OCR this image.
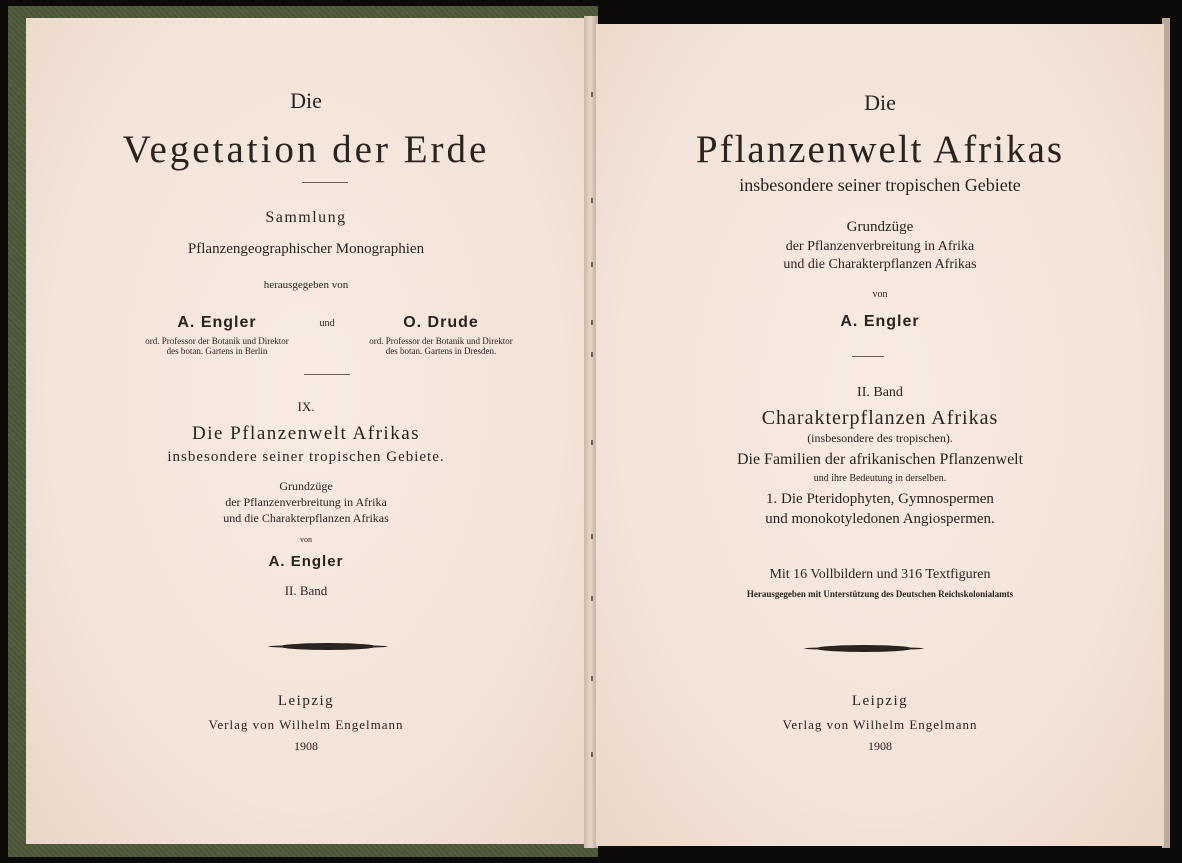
Die
Vegetation der Erde
Sammlung
Pflanzengeographischer Monographien
herausgegeben von
A. Engler
ord. Professor der Botanik und Direktor
des botan. Gartens in Berlin
und	O. Drude
ord. Professor der Botanik und Direktor
des botan. Gartens in Dresden.
IX.
Die Pflanzenwelt Afrikas
insbesondere seiner tropischen Gebiete.
Grundzüge
der Pflanzenverbreitung in Afrika
und die Charakterpflanzen Afrikas
von
A. Engler
II. Band
Leipzig
Verlag von Wilhelm Engelmann
1908
Die
Pflanzenwelt Afrikas
insbesondere seiner tropischen Gebiete
Grundzüge
der Pflanzenverbreitung in Afrika
und die Charakterpflanzen Afrikas
von
A. Engler
II. Band
Charakterpflanzen Afrikas
(insbesondere des tropischen).
Die Familien der afrikanischen Pflanzenwelt
und ihre Bedeutung in derselben.
1. Die Pteridophyten, Gymnospermen
und monokotyledonen Angiospermen.
Mit 16 Vollbildern und 316 Textfiguren
Herausgegeben mit Unterstützung des Deutschen Reichskolonialamts
Leipzig
Verlag von Wilhelm Engelmann
1908
